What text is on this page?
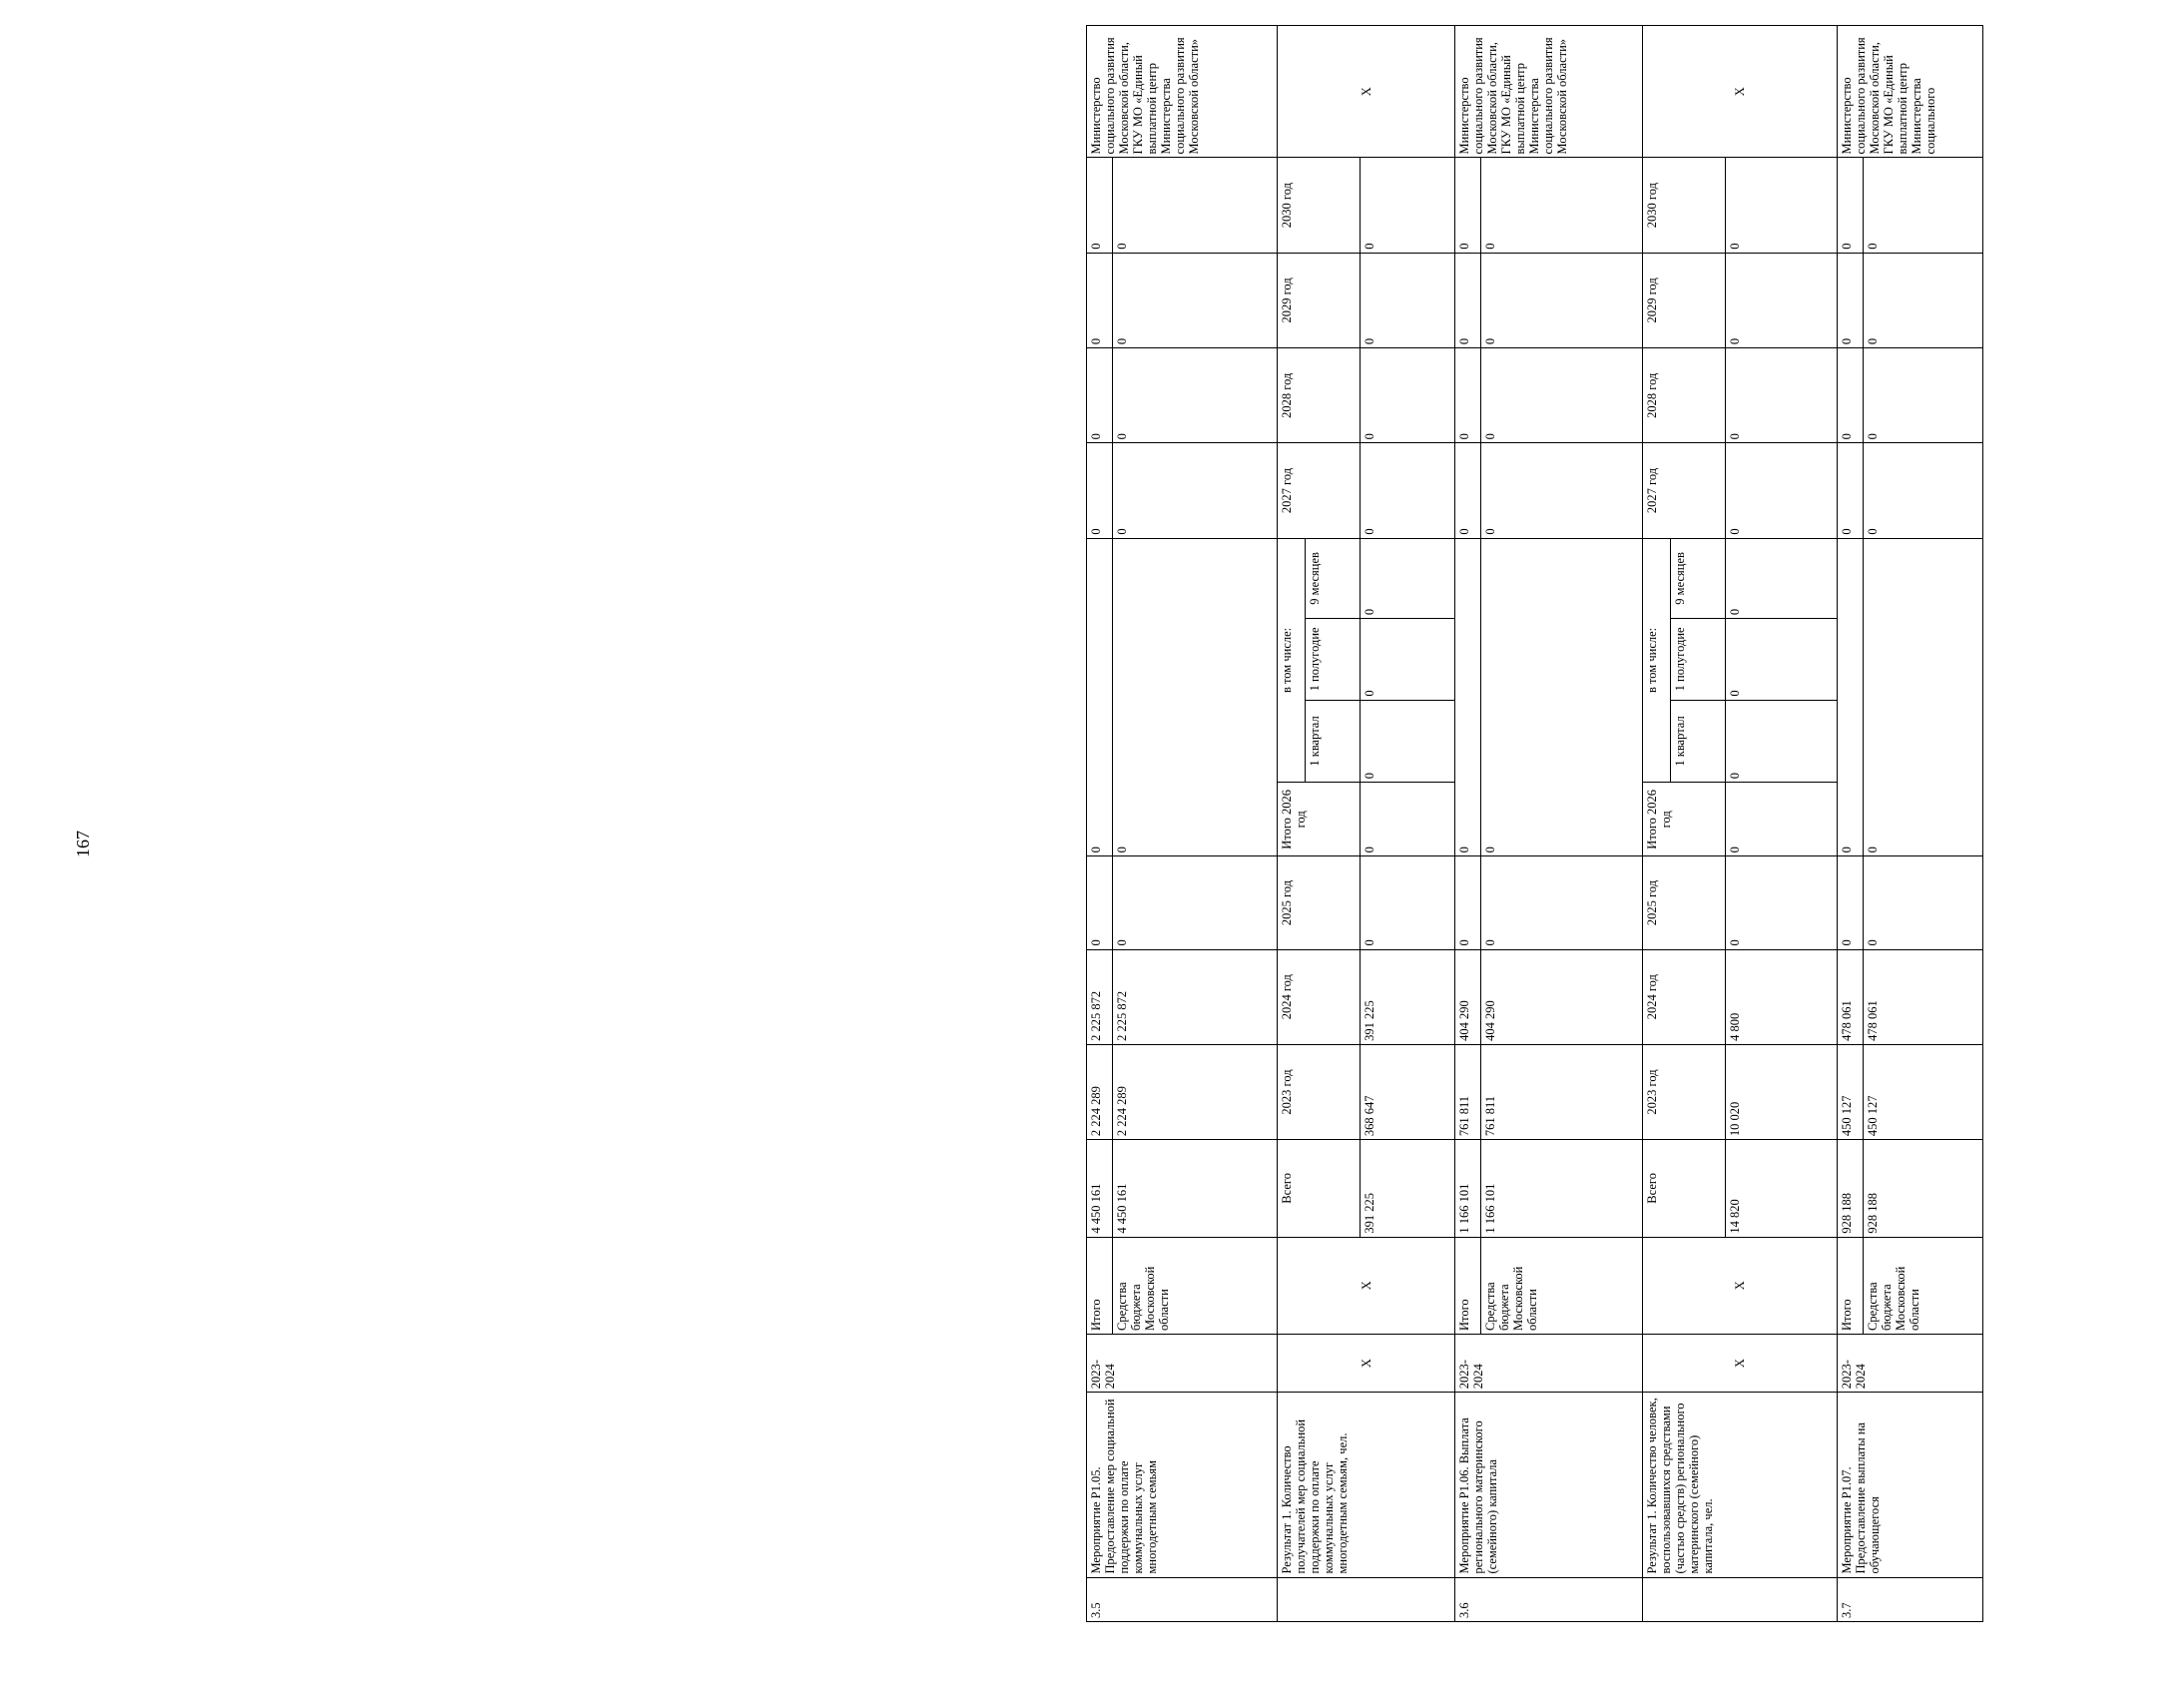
167
3.5	Мероприятие Р1.05. Предоставление мер социальной поддержки по оплате коммунальных услуг многодетным семьям	2023-2024	Итого	4 450 161	2 224 289	2 225 872	0	0				0	0	0	0	Министерство социального развития Московской области, ГКУ МО «Единый выплатной центр Министерства социального развития Московской области»
			Средства бюджета Московской области	4 450 161	2 224 289	2 225 872	0	0				0	0	0	0	
	Результат 1. Количество получателей мер социальной поддержки по оплате коммунальных услуг многодетным семьям, чел.	Х	Х	Всего	2023 год	2024 год	2025 год	Итого 2026 год	в том числе:			2027 год	2028 год	2029 год	2030 год	Х
									1 квартал	1 полугодие	9 месяцев					
				391 225	368 647	391 225	0	0	0	0	0	0	0	0	0	
3.6	Мероприятие Р1.06. Выплата регионального материнского (семейного) капитала	2023-2024	Итого	1 166 101	761 811	404 290	0	0				0	0	0	0	Министерство социального развития Московской области, ГКУ МО «Единый выплатной центр Министерства социального развития Московской области»
			Средства бюджета Московской области	1 166 101	761 811	404 290	0	0				0	0	0	0	
	Результат 1. Количество человек, воспользовавшихся средствами (частью средств) регионального материнского (семейного) капитала, чел.	Х	Х	Всего	2023 год	2024 год	2025 год	Итого 2026 год	в том числе:			2027 год	2028 год	2029 год	2030 год	Х
									1 квартал	1 полугодие	9 месяцев					
				14 820	10 020	4 800	0	0	0	0	0	0	0	0	0	
3.7	Мероприятие Р1.07. Предоставление выплаты на обучающегося	2023-2024	Итого	928 188	450 127	478 061	0	0				0	0	0	0	Министерство социального развития Московской области, ГКУ МО «Единый выплатной центр Министерства социального
			Средства бюджета Московской области	928 188	450 127	478 061	0	0				0	0	0	0	
